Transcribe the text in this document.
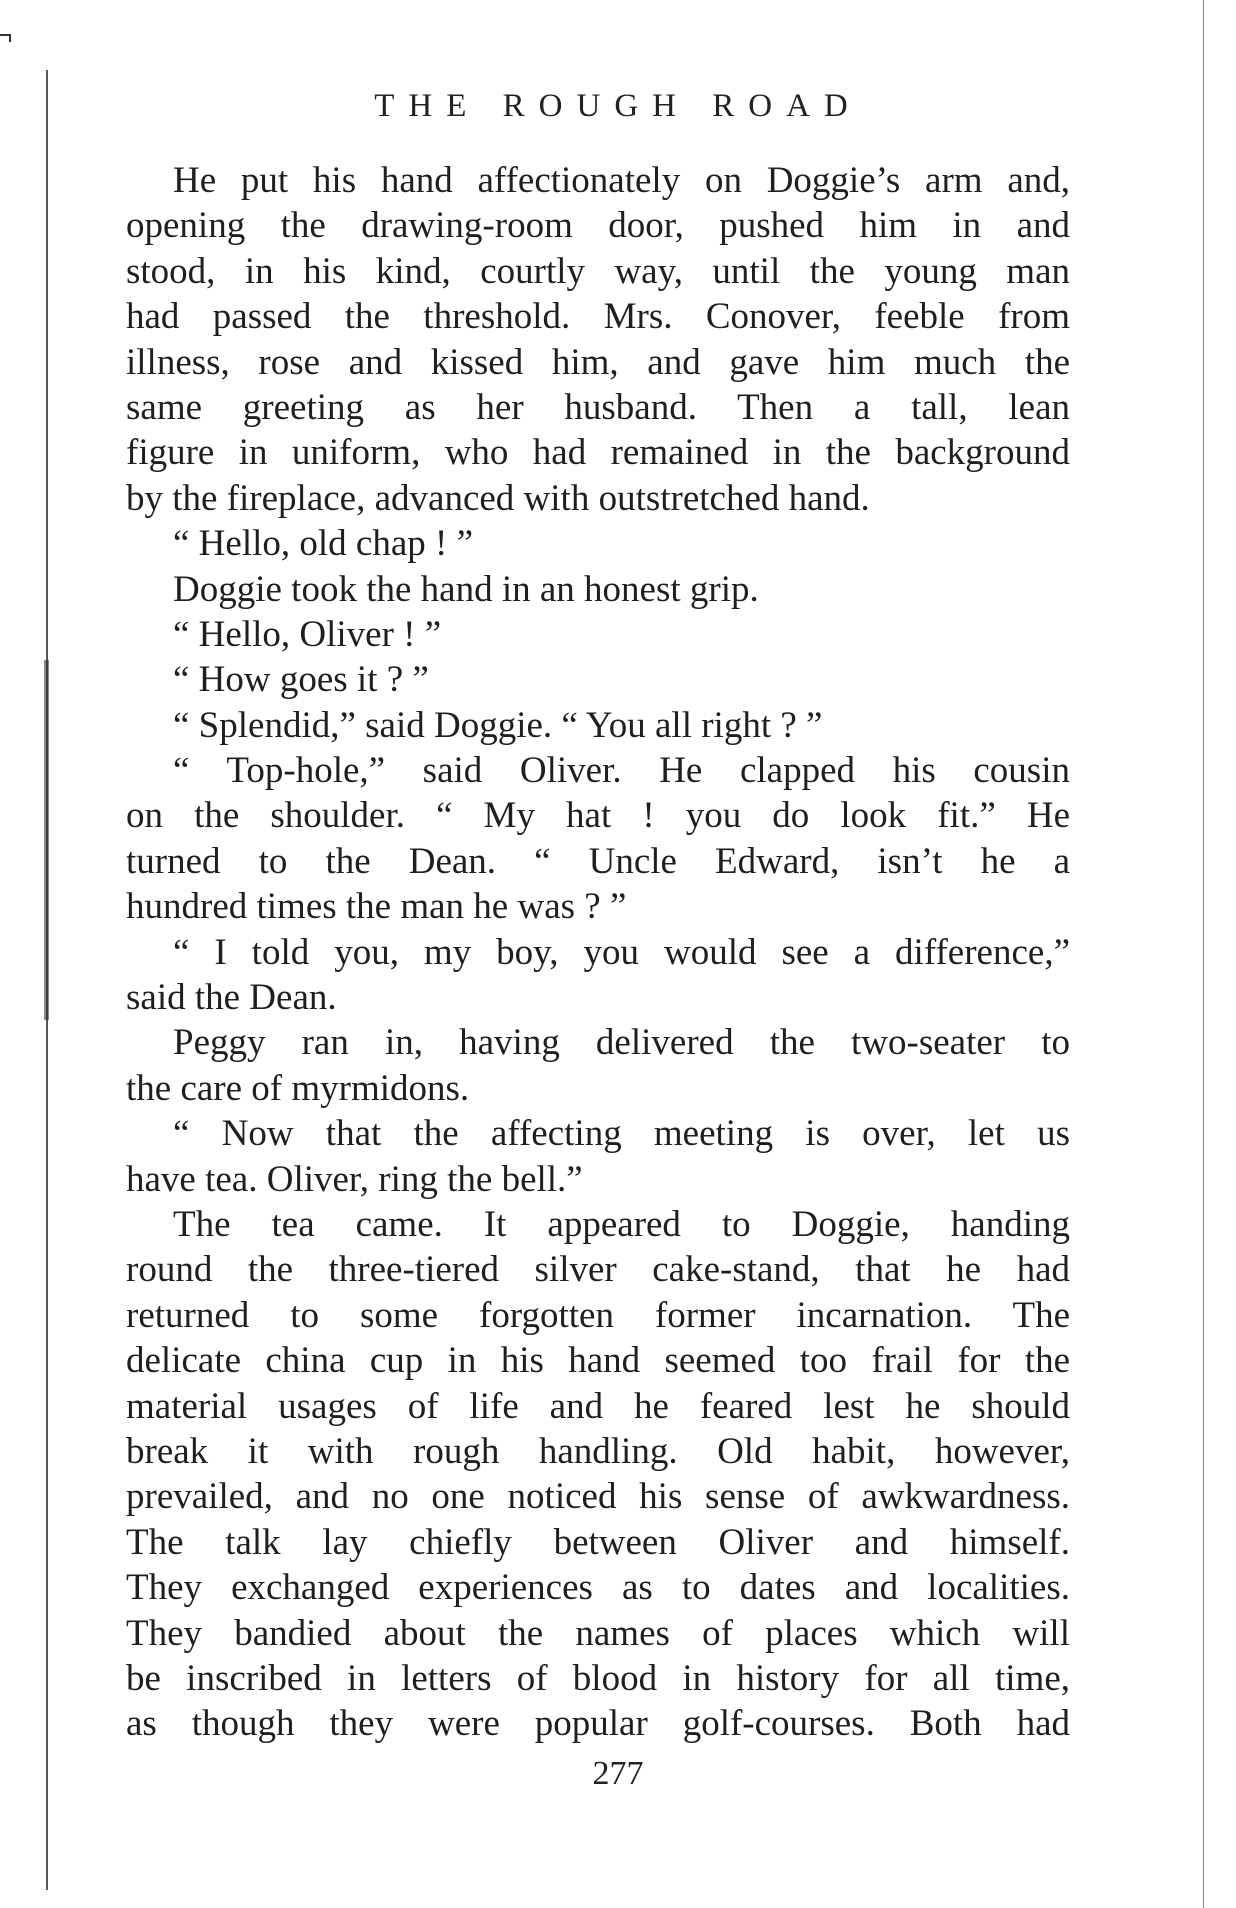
THE ROUGH ROAD
He put his hand affectionately on Doggie’s arm and,
opening the drawing-room door, pushed him in and
stood, in his kind, courtly way, until the young man
had passed the threshold. Mrs. Conover, feeble from
illness, rose and kissed him, and gave him much the
same greeting as her husband. Then a tall, lean
figure in uniform, who had remained in the background
by the fireplace, advanced with outstretched hand.
“ Hello, old chap ! ”
Doggie took the hand in an honest grip.
“ Hello, Oliver ! ”
“ How goes it ? ”
“ Splendid,” said Doggie. “ You all right ? ”
“ Top-hole,” said Oliver. He clapped his cousin
on the shoulder. “ My hat ! you do look fit.” He
turned to the Dean. “ Uncle Edward, isn’t he a
hundred times the man he was ? ”
“ I told you, my boy, you would see a difference,”
said the Dean.
Peggy ran in, having delivered the two-seater to
the care of myrmidons.
“ Now that the affecting meeting is over, let us
have tea. Oliver, ring the bell.”
The tea came. It appeared to Doggie, handing
round the three-tiered silver cake-stand, that he had
returned to some forgotten former incarnation. The
delicate china cup in his hand seemed too frail for the
material usages of life and he feared lest he should
break it with rough handling. Old habit, however,
prevailed, and no one noticed his sense of awkwardness.
The talk lay chiefly between Oliver and himself.
They exchanged experiences as to dates and localities.
They bandied about the names of places which will
be inscribed in letters of blood in history for all time,
as though they were popular golf-courses. Both had
277
